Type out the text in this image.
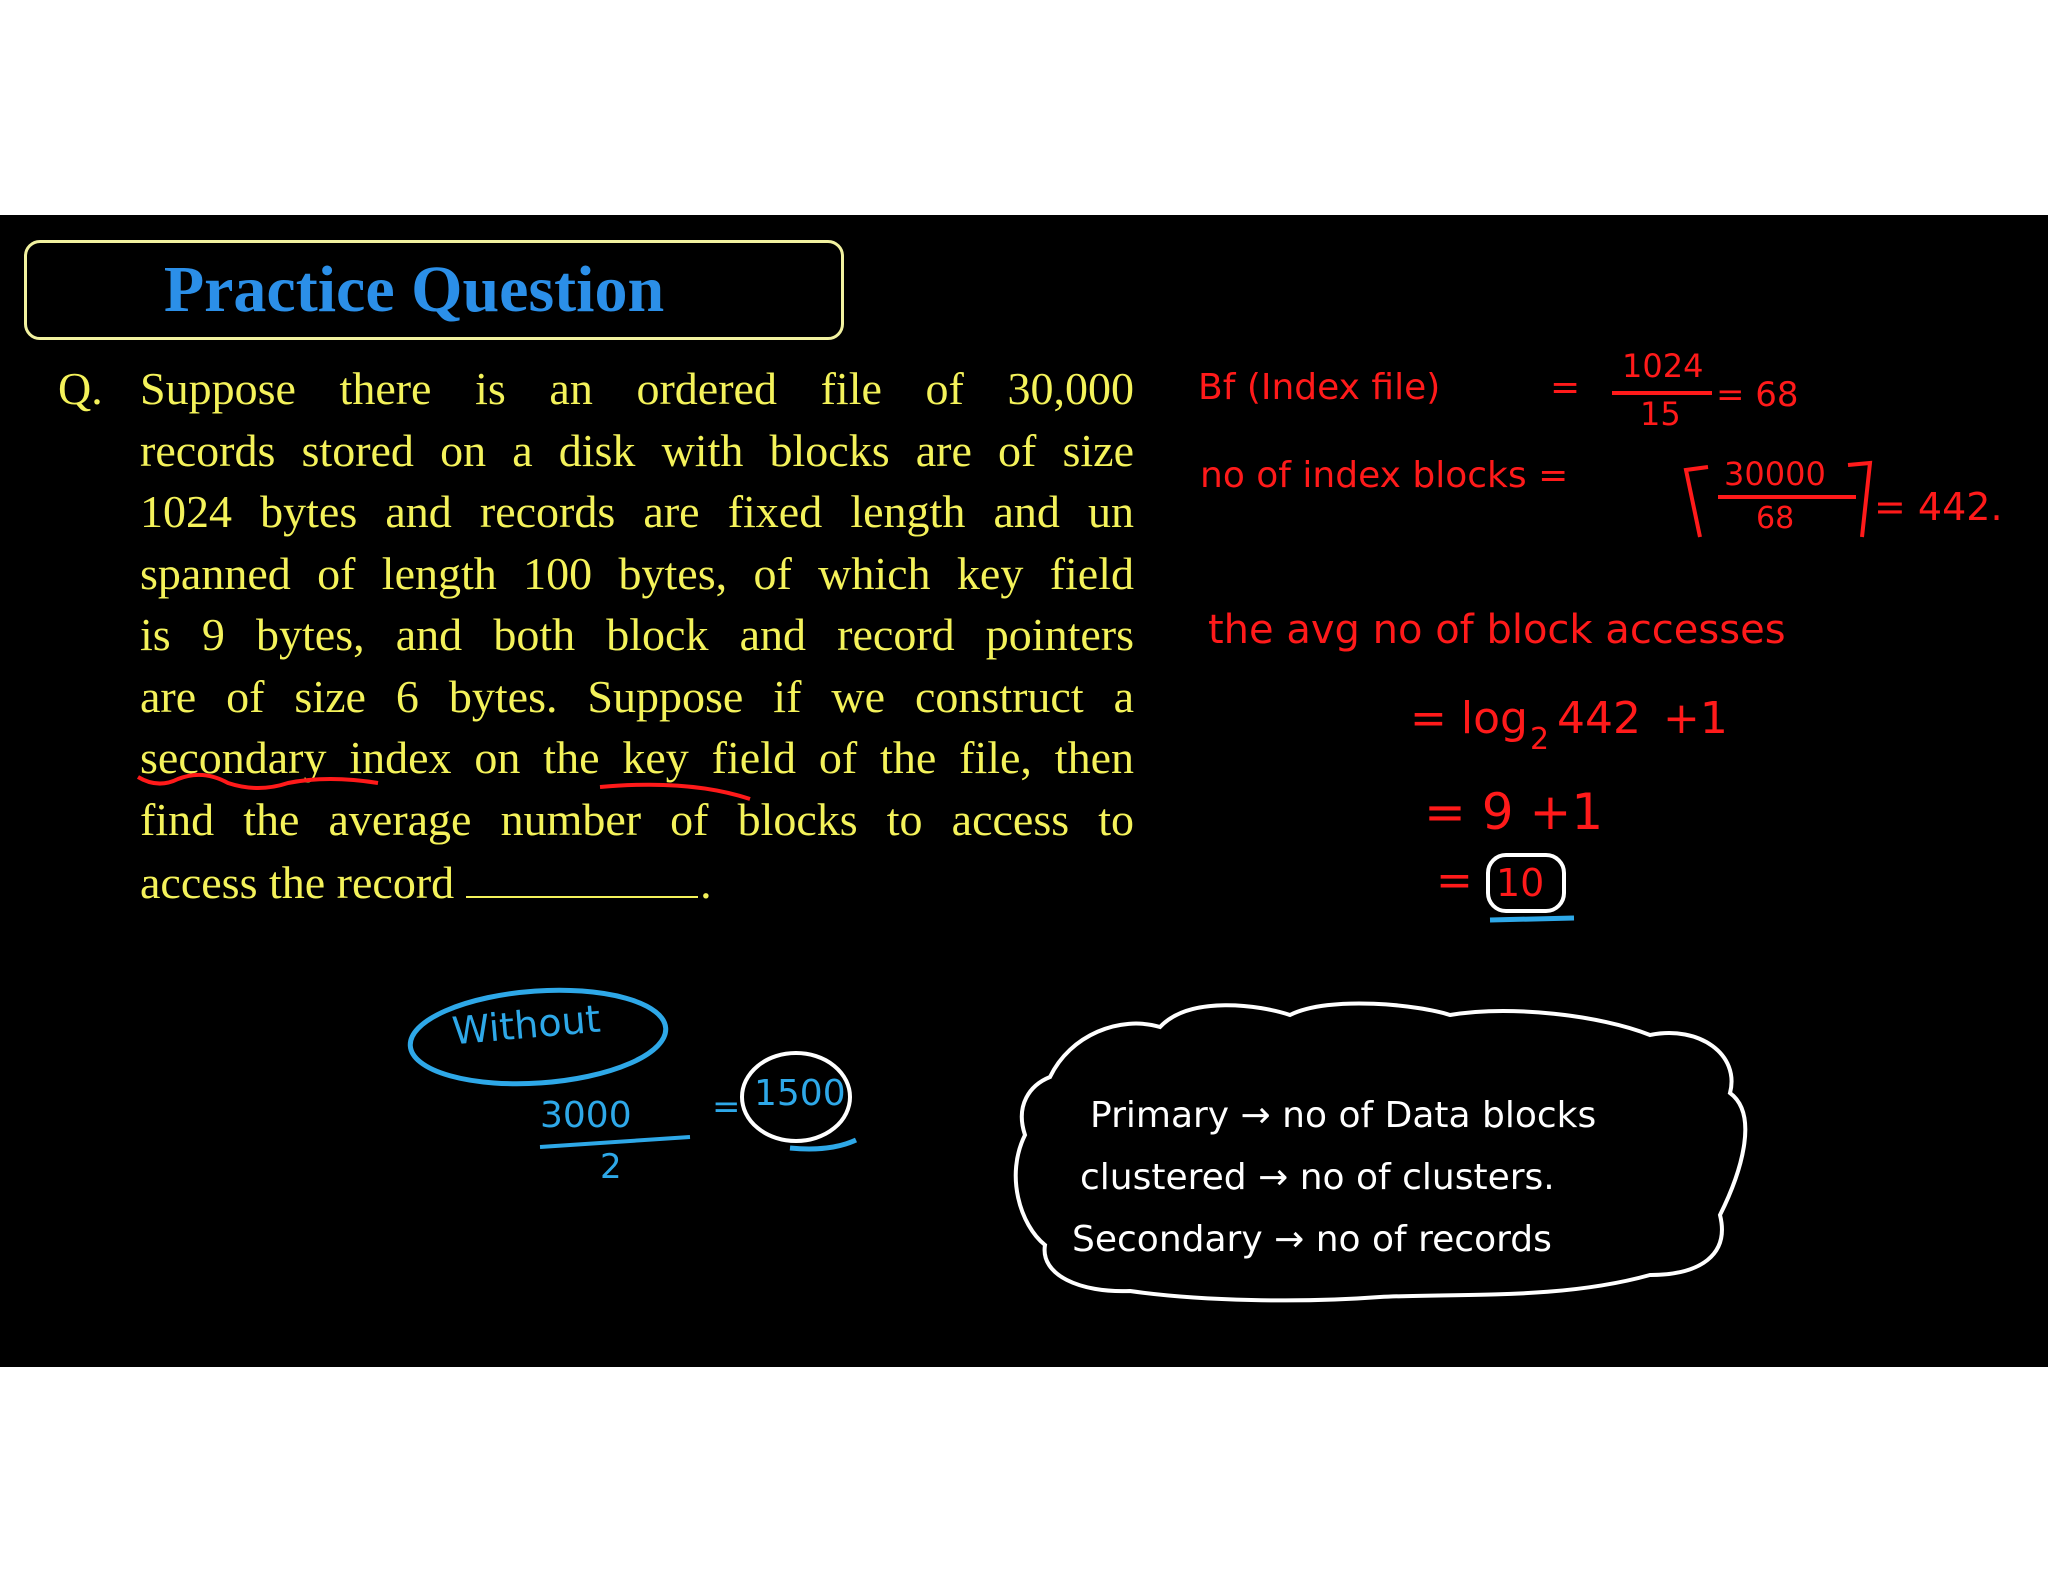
Practice Question
Q. Suppose there is an ordered file of 30,000
records stored on a disk with blocks are of size
1024 bytes and records are fixed length and un
spanned of length 100 bytes, of which key field
is 9 bytes, and both block and record pointers
are of size 6 bytes. Suppose if we construct a
secondary index on the key field of the file, then
find the average number of blocks to access to
access the record	.
Bf (Index file)	=
1024
15 = 68
no of index blocks =	30000
68 = 442.
the avg no of block accesses
= $\log_2 442 +1$
= 9 +1
= 10
Without
3000
2
= 1500
Primary → no of Data blocks
clustered → no of clusters.
Secondary → no of records
